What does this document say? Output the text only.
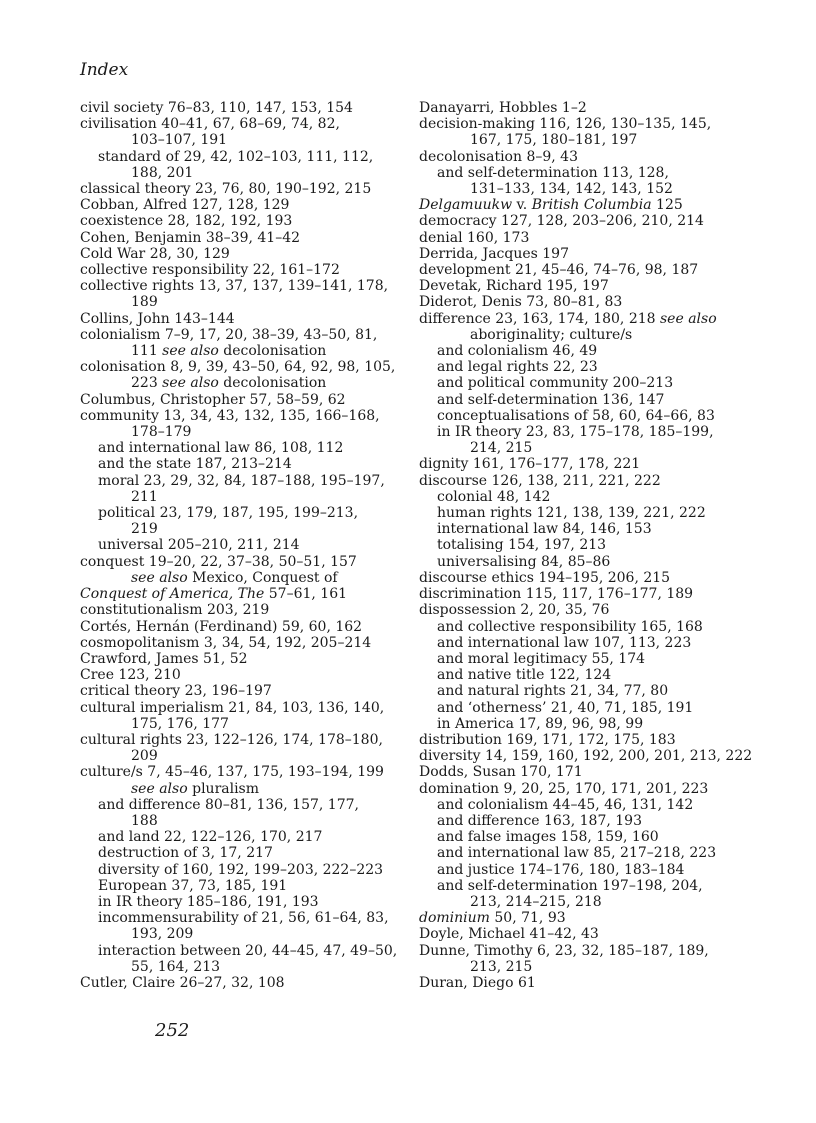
Index
civil society 76–83, 110, 147, 153, 154
civilisation 40–41, 67, 68–69, 74, 82,
103–107, 191
standard of 29, 42, 102–103, 111, 112,
188, 201
classical theory 23, 76, 80, 190–192, 215
Cobban, Alfred 127, 128, 129
coexistence 28, 182, 192, 193
Cohen, Benjamin 38–39, 41–42
Cold War 28, 30, 129
collective responsibility 22, 161–172
collective rights 13, 37, 137, 139–141, 178,
189
Collins, John 143–144
colonialism 7–9, 17, 20, 38–39, 43–50, 81,
111 see also decolonisation
colonisation 8, 9, 39, 43–50, 64, 92, 98, 105,
223 see also decolonisation
Columbus, Christopher 57, 58–59, 62
community 13, 34, 43, 132, 135, 166–168,
178–179
and international law 86, 108, 112
and the state 187, 213–214
moral 23, 29, 32, 84, 187–188, 195–197,
211
political 23, 179, 187, 195, 199–213,
219
universal 205–210, 211, 214
conquest 19–20, 22, 37–38, 50–51, 157
see also Mexico, Conquest of
Conquest of America, The 57–61, 161
constitutionalism 203, 219
Cortés, Hernán (Ferdinand) 59, 60, 162
cosmopolitanism 3, 34, 54, 192, 205–214
Crawford, James 51, 52
Cree 123, 210
critical theory 23, 196–197
cultural imperialism 21, 84, 103, 136, 140,
175, 176, 177
cultural rights 23, 122–126, 174, 178–180,
209
culture/s 7, 45–46, 137, 175, 193–194, 199
see also pluralism
and difference 80–81, 136, 157, 177,
188
and land 22, 122–126, 170, 217
destruction of 3, 17, 217
diversity of 160, 192, 199–203, 222–223
European 37, 73, 185, 191
in IR theory 185–186, 191, 193
incommensurability of 21, 56, 61–64, 83,
193, 209
interaction between 20, 44–45, 47, 49–50,
55, 164, 213
Cutler, Claire 26–27, 32, 108
Danayarri, Hobbles 1–2
decision-making 116, 126, 130–135, 145,
167, 175, 180–181, 197
decolonisation 8–9, 43
and self-determination 113, 128,
131–133, 134, 142, 143, 152
Delgamuukw v. British Columbia 125
democracy 127, 128, 203–206, 210, 214
denial 160, 173
Derrida, Jacques 197
development 21, 45–46, 74–76, 98, 187
Devetak, Richard 195, 197
Diderot, Denis 73, 80–81, 83
difference 23, 163, 174, 180, 218 see also
aboriginality; culture/s
and colonialism 46, 49
and legal rights 22, 23
and political community 200–213
and self-determination 136, 147
conceptualisations of 58, 60, 64–66, 83
in IR theory 23, 83, 175–178, 185–199,
214, 215
dignity 161, 176–177, 178, 221
discourse 126, 138, 211, 221, 222
colonial 48, 142
human rights 121, 138, 139, 221, 222
international law 84, 146, 153
totalising 154, 197, 213
universalising 84, 85–86
discourse ethics 194–195, 206, 215
discrimination 115, 117, 176–177, 189
dispossession 2, 20, 35, 76
and collective responsibility 165, 168
and international law 107, 113, 223
and moral legitimacy 55, 174
and native title 122, 124
and natural rights 21, 34, 77, 80
and ‘otherness’ 21, 40, 71, 185, 191
in America 17, 89, 96, 98, 99
distribution 169, 171, 172, 175, 183
diversity 14, 159, 160, 192, 200, 201, 213, 222
Dodds, Susan 170, 171
domination 9, 20, 25, 170, 171, 201, 223
and colonialism 44–45, 46, 131, 142
and difference 163, 187, 193
and false images 158, 159, 160
and international law 85, 217–218, 223
and justice 174–176, 180, 183–184
and self-determination 197–198, 204,
213, 214–215, 218
dominium 50, 71, 93
Doyle, Michael 41–42, 43
Dunne, Timothy 6, 23, 32, 185–187, 189,
213, 215
Duran, Diego 61
252
